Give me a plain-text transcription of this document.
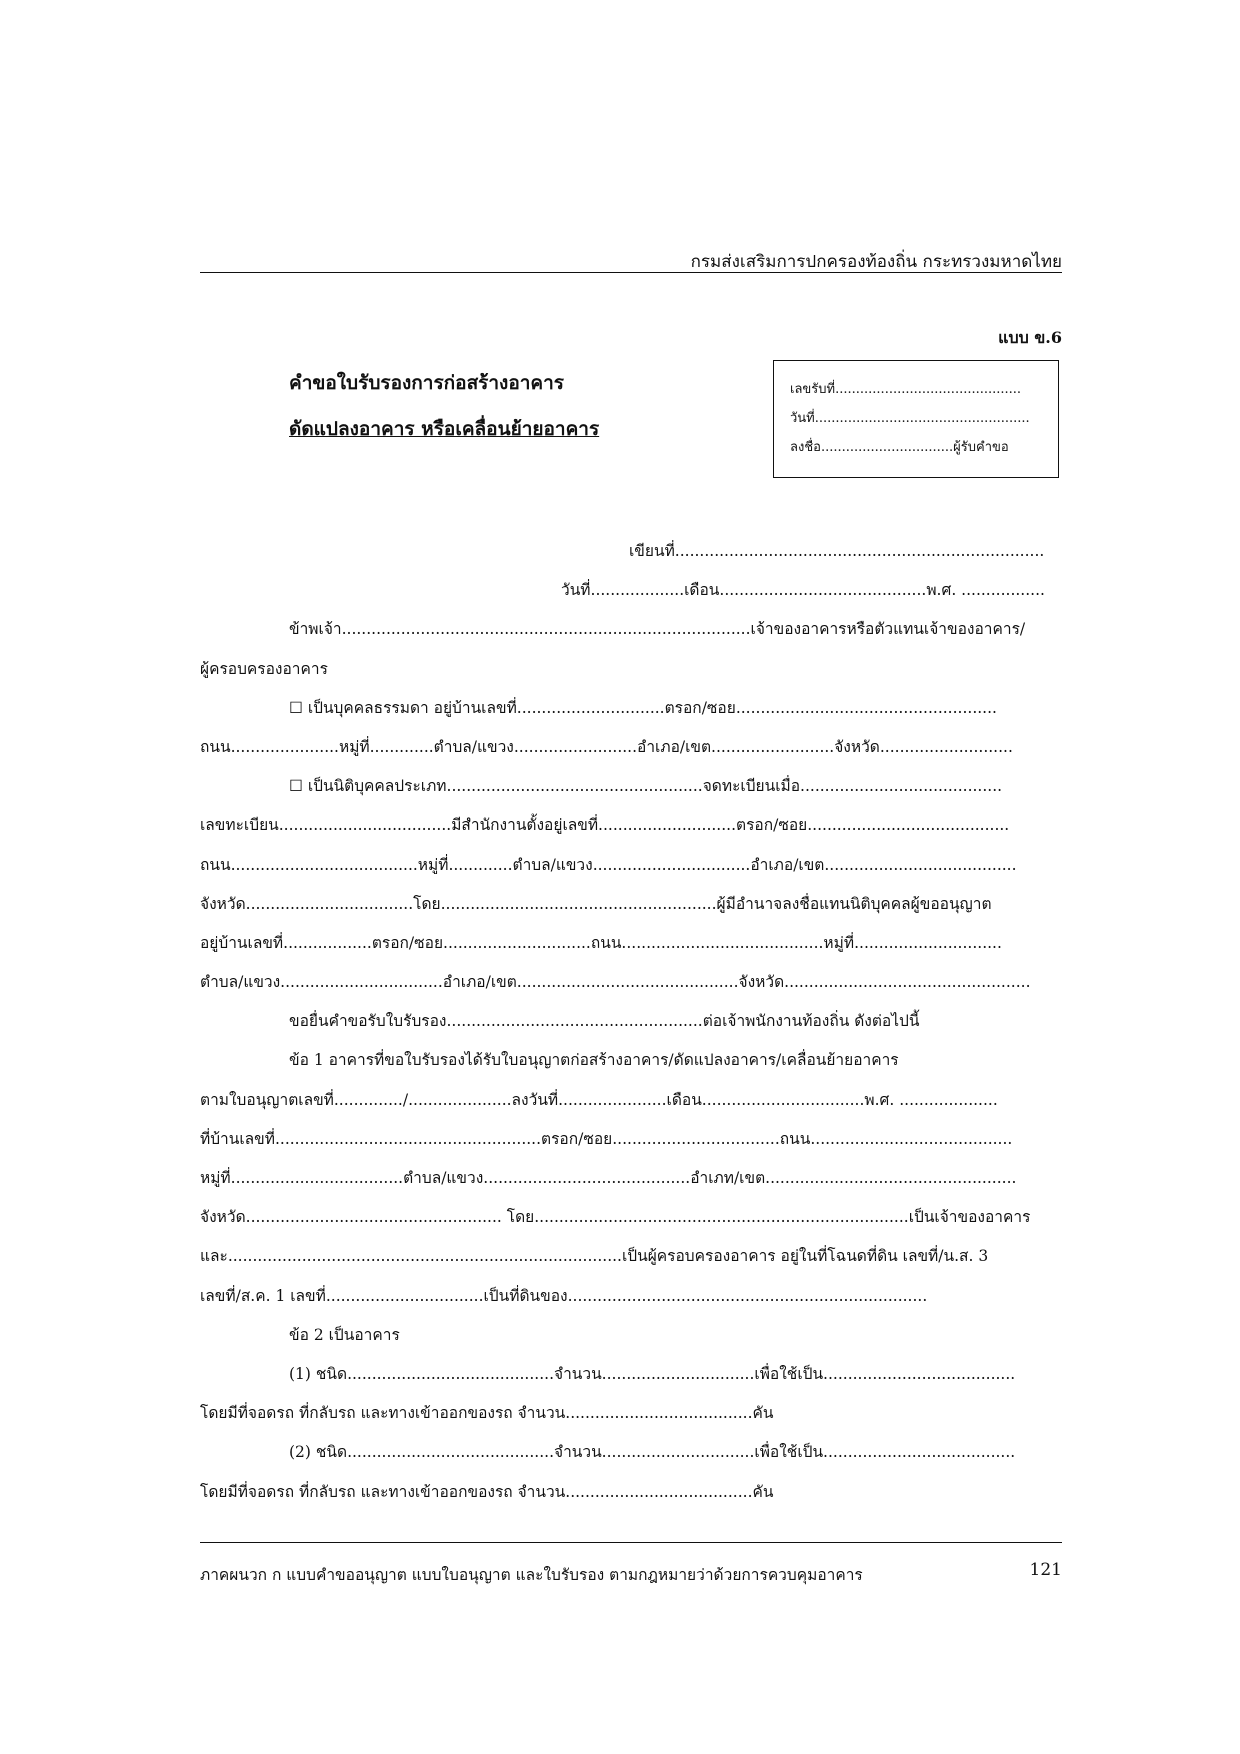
กรมส่งเสริมการปกครองท้องถิ่น กระทรวงมหาดไทย
แบบ ข.6
คำขอใบรับรองการก่อสร้างอาคาร
ดัดแปลงอาคาร หรือเคลื่อนย้ายอาคาร
เลขรับที่.............................................
วันที่....................................................
ลงชื่อ................................ผู้รับคำขอ
เขียนที่...........................................................................
วันที่...................เดือน..........................................พ.ศ. .................
ข้าพเจ้า...................................................................................เจ้าของอาคารหรือตัวแทนเจ้าของอาคาร/
ผู้ครอบครองอาคาร
☐ เป็นบุคคลธรรมดา อยู่บ้านเลขที่..............................ตรอก/ซอย.....................................................
ถนน......................หมู่ที่.............ตำบล/แขวง.........................อำเภอ/เขต.........................จังหวัด...........................
☐ เป็นนิติบุคคลประเภท....................................................จดทะเบียนเมื่อ.........................................
เลขทะเบียน...................................มีสำนักงานตั้งอยู่เลขที่............................ตรอก/ซอย.........................................
ถนน......................................หมู่ที่.............ตำบล/แขวง................................อำเภอ/เขต.......................................
จังหวัด..................................โดย........................................................ผู้มีอำนาจลงชื่อแทนนิติบุคคลผู้ขออนุญาต
อยู่บ้านเลขที่..................ตรอก/ซอย..............................ถนน.........................................หมู่ที่..............................
ตำบล/แขวง.................................อำเภอ/เขต.............................................จังหวัด..................................................
ขอยื่นคำขอรับใบรับรอง....................................................ต่อเจ้าพนักงานท้องถิ่น ดังต่อไปนี้
ข้อ 1 อาคารที่ขอใบรับรองได้รับใบอนุญาตก่อสร้างอาคาร/ดัดแปลงอาคาร/เคลื่อนย้ายอาคาร
ตามใบอนุญาตเลขที่............../.....................ลงวันที่......................เดือน.................................พ.ศ. ....................
ที่บ้านเลขที่......................................................ตรอก/ซอย..................................ถนน.........................................
หมู่ที่...................................ตำบล/แขวง..........................................อำเภท/เขต...................................................
จังหวัด.................................................... โดย............................................................................เป็นเจ้าของอาคาร
และ................................................................................เป็นผู้ครอบครองอาคาร อยู่ในที่โฉนดที่ดิน เลขที่/น.ส. 3
เลขที่/ส.ค. 1 เลขที่................................เป็นที่ดินของ.........................................................................
ข้อ 2 เป็นอาคาร
(1) ชนิด..........................................จำนวน...............................เพื่อใช้เป็น.......................................
โดยมีที่จอดรถ ที่กลับรถ และทางเข้าออกของรถ จำนวน......................................คัน
(2) ชนิด..........................................จำนวน...............................เพื่อใช้เป็น.......................................
โดยมีที่จอดรถ ที่กลับรถ และทางเข้าออกของรถ จำนวน......................................คัน
ภาคผนวก ก แบบคำขออนุญาต แบบใบอนุญาต และใบรับรอง ตามกฎหมายว่าด้วยการควบคุมอาคาร	121
